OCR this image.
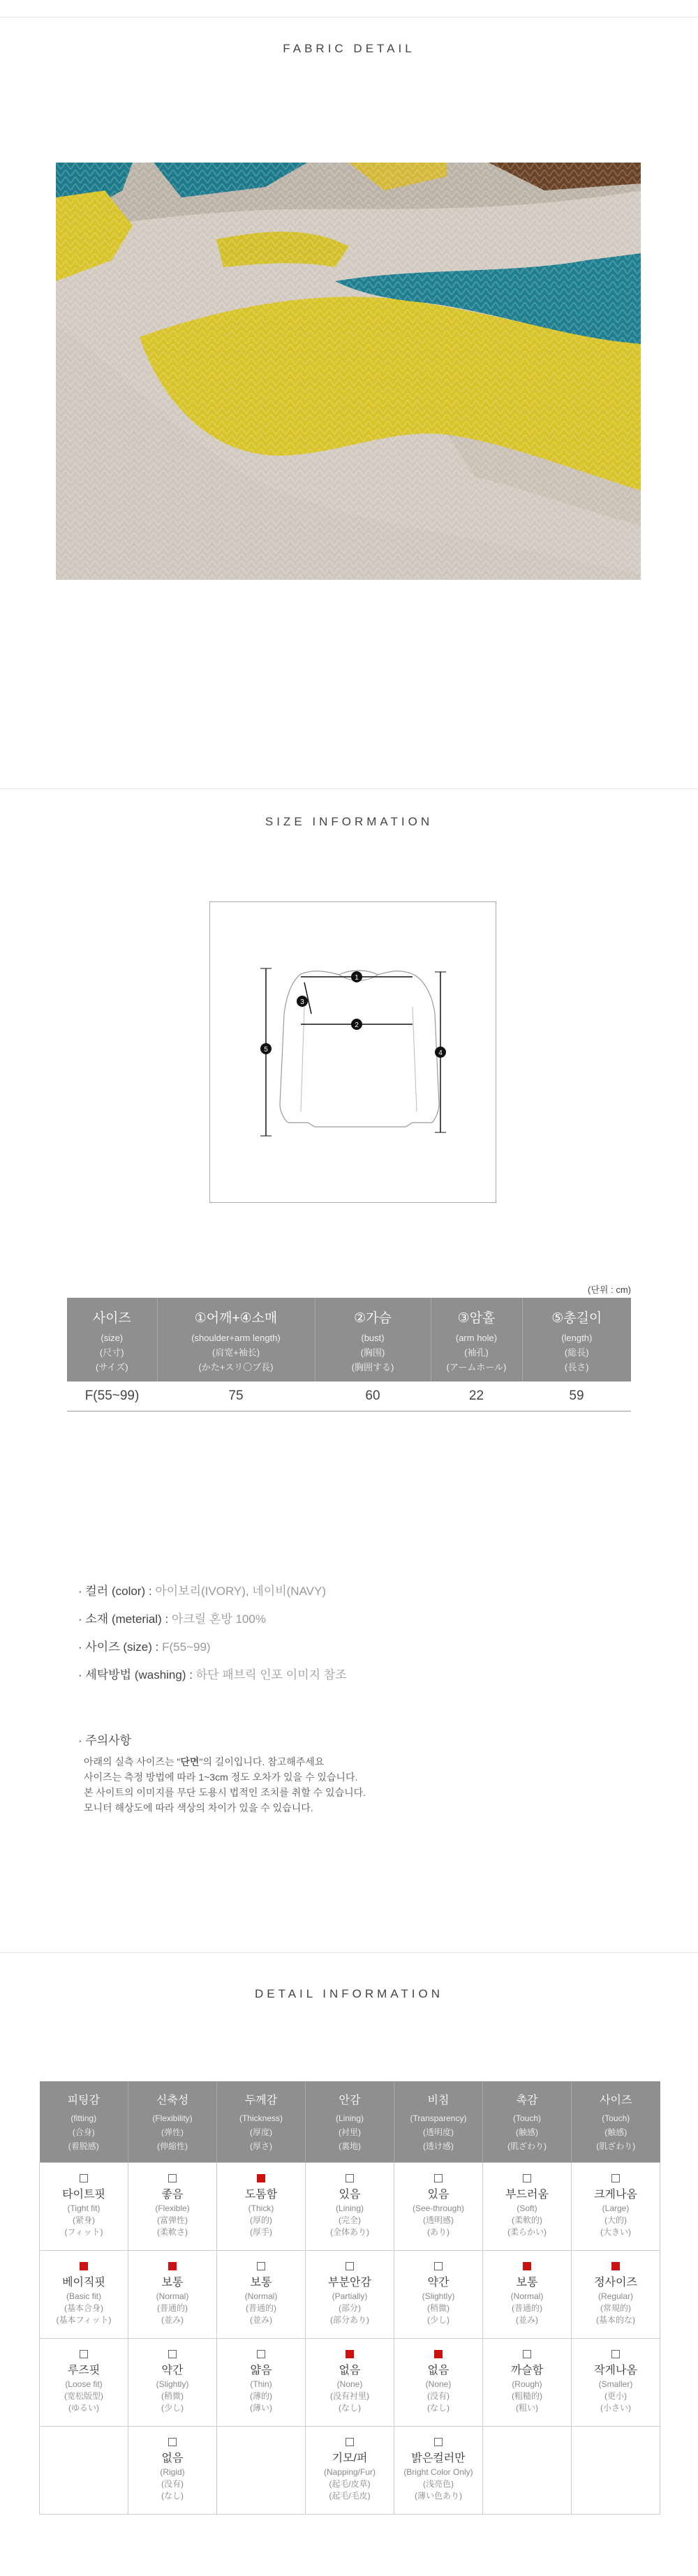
FABRIC DETAIL
SIZE INFORMATION
1
2
3
4
5
(단위 : cm)
사이즈
(size)
(尺寸)
(サイズ)	①어깨+④소매
(shoulder+arm length)
(肩宽+袖长)
(かた+スリ〇ブ長)	②가슴
(bust)
(胸围)
(胸囲する)	③암홀
(arm hole)
(袖孔)
(アームホール)	⑤총길이
(length)
(総長)
(長さ)

F(55~99)	75	60	22	59
· 컬러 (color) : 아이보리(IVORY), 네이비(NAVY)
· 소재 (meterial) : 아크릴 혼방 100%
· 사이즈 (size) : F(55~99)
· 세탁방법 (washing) : 하단 패브릭 인포 이미지 참조
· 주의사항
아래의 실측 사이즈는 "단면"의 길이입니다. 참고해주세요
사이즈는 측정 방법에 따라 1~3cm 정도 오차가 있을 수 있습니다.
본 사이트의 이미지를 무단 도용시 법적인 조치를 취할 수 있습니다.
모니터 해상도에 따라 색상의 차이가 있을 수 있습니다.
DETAIL INFORMATION
피팅감
(fitting)
(合身)
(着脱感)	신축성
(Flexibility)
(弹性)
(伸縮性)	두께감
(Thickness)
(厚度)
(厚さ)	안감
(Lining)
(衬里)
(裏地)	비침
(Transparency)
(透明度)
(透け感)	촉감
(Touch)
(触感)
(肌ざわり)	사이즈
(Touch)
(触感)
(肌ざわり)

타이트핏
(Tight fit)
(紧身)
(フィット)	좋음
(Flexible)
(富弹性)
(柔軟さ)	도톰함
(Thick)
(厚的)
(厚手)	있음
(Lining)
(完全)
(全体あり)	있음
(See-through)
(透明感)
(あり)	부드러움
(Soft)
(柔軟的)
(柔らかい)	크게나옴
(Large)
(大的)
(大きい)

베이직핏
(Basic fit)
(基本合身)
(基本フィット)	보통
(Normal)
(普通的)
(並み)	보통
(Normal)
(普通的)
(並み)	부분안감
(Partially)
(部分)
(部分あり)	약간
(Slightly)
(稍微)
(少し)	보통
(Normal)
(普通的)
(並み)	정사이즈
(Regular)
(常規的)
(基本的な)

루즈핏
(Loose fit)
(宽松版型)
(ゆるい)	약간
(Slightly)
(稍微)
(少し)	얇음
(Thin)
(薄的)
(薄い)	없음
(None)
(没有衬里)
(なし)	없음
(None)
(没有)
(なし)	까슬함
(Rough)
(粗糙的)
(粗い)	작게나옴
(Smaller)
(更小)
(小さい)

	없음
(Rigid)
(没有)
(なし)		기모/퍼
(Napping/Fur)
(起毛/皮草)
(起毛/毛皮)	밝은컬러만
(Bright Color Only)
(浅亮色)
(薄い色あり)		
